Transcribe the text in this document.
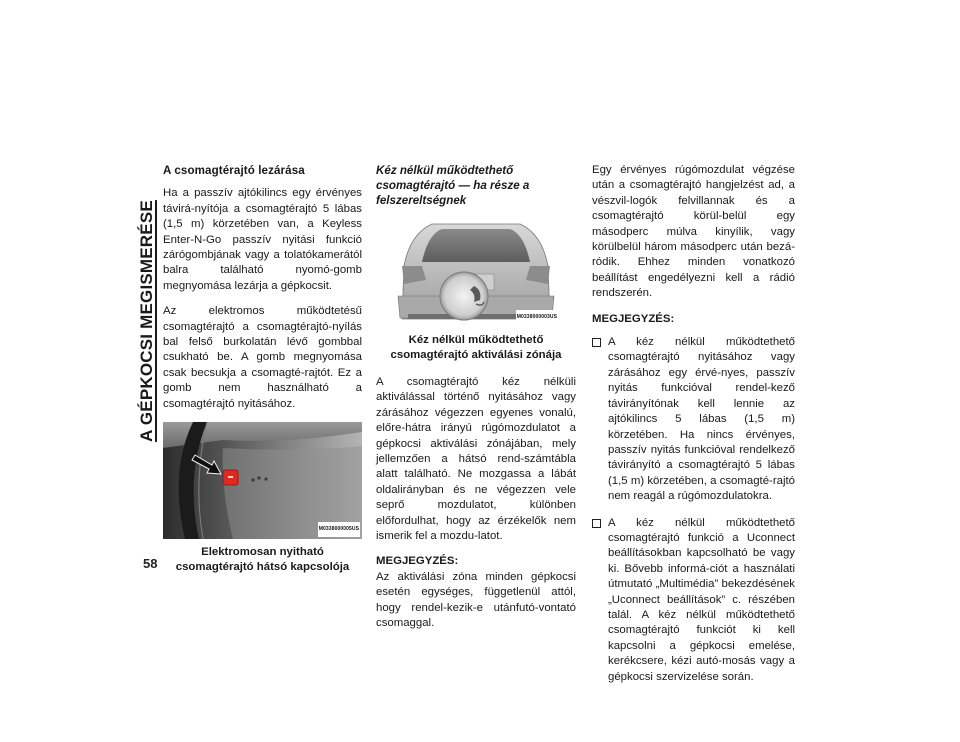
A GÉPKOCSI MEGISMERÉSE
58
A csomagtérajtó lezárása

Ha a passzív ajtókilincs egy érvényes távirá-nyítója a csomagtérajtó 5 lábas (1,5 m) körzetében van, a Keyless Enter-N-Go passzív nyitási funkció zárógombjának vagy a tolatókamerától balra található nyomó-gomb megnyomása lezárja a gépkocsit.

Az elektromos működtetésű csomagtérajtó a csomagtérajtó-nyílás bal felső burkolatán lévő gombbal csukható be. A gomb megnyomása csak becsukja a csomagté-rajtót. Ez a gomb nem használható a csomagtérajtó nyitásához.

M0338000005US
Elektromosan nyitható csomagtérajtó hátsó kapcsolója
Kéz nélkül működtethető csomagtérajtó — ha része a felszereltségnek
M0338000003US
Kéz nélkül működtethető csomagtérajtó aktiválási zónája

A csomagtérajtó kéz nélküli aktiválással történő nyitásához vagy zárásához végezzen egyenes vonalú, előre-hátra irányú rúgómozdulatot a gépkocsi aktiválási zónájában, mely jellemzően a hátsó rend-számtábla alatt található. Ne mozgassa a lábát oldalirányban és ne végezzen vele seprő mozdulatot, különben előfordulhat, hogy az érzékelők nem ismerik fel a mozdu-latot.

MEGJEGYZÉS:

Az aktiválási zóna minden gépkocsi esetén egységes, függetlenül attól, hogy rendel-kezik-e utánfutó-vontató csomaggal.

Egy érvényes rúgómozdulat végzése után a csomagtérajtó hangjelzést ad, a vészvil-logók felvillannak és a csomagtérajtó körül-belül egy másodperc múlva kinyílik, vagy körülbelül három másodperc után bezá-ródik. Ehhez minden vonatkozó beállítást engedélyezni kell a rádió rendszerén.

MEGJEGYZÉS:

A kéz nélkül működtethető csomagtérajtó nyitásához vagy zárásához egy érvé-nyes, passzív nyitás funkcióval rendel-kező távirányítónak kell lennie az ajtókilincs 5 lábas (1,5 m) körzetében. Ha nincs érvényes, passzív nyitás funkcióval rendelkező távirányító a csomagtérajtó 5 lábas (1,5 m) körzetében, a csomagté-rajtó nem reagál a rúgómozdulatokra.
A kéz nélkül működtethető csomagtérajtó funkció a Uconnect beállításokban kapcsolható be vagy ki. Bővebb informá-ciót a használati útmutató „Multimédia” bekezdésének „Uconnect beállítások” c. részében talál. A kéz nélkül működtethető csomagtérajtó funkciót ki kell kapcsolni a gépkocsi emelése, kerékcsere, kézi autó-mosás vagy a gépkocsi szervizelése során.
